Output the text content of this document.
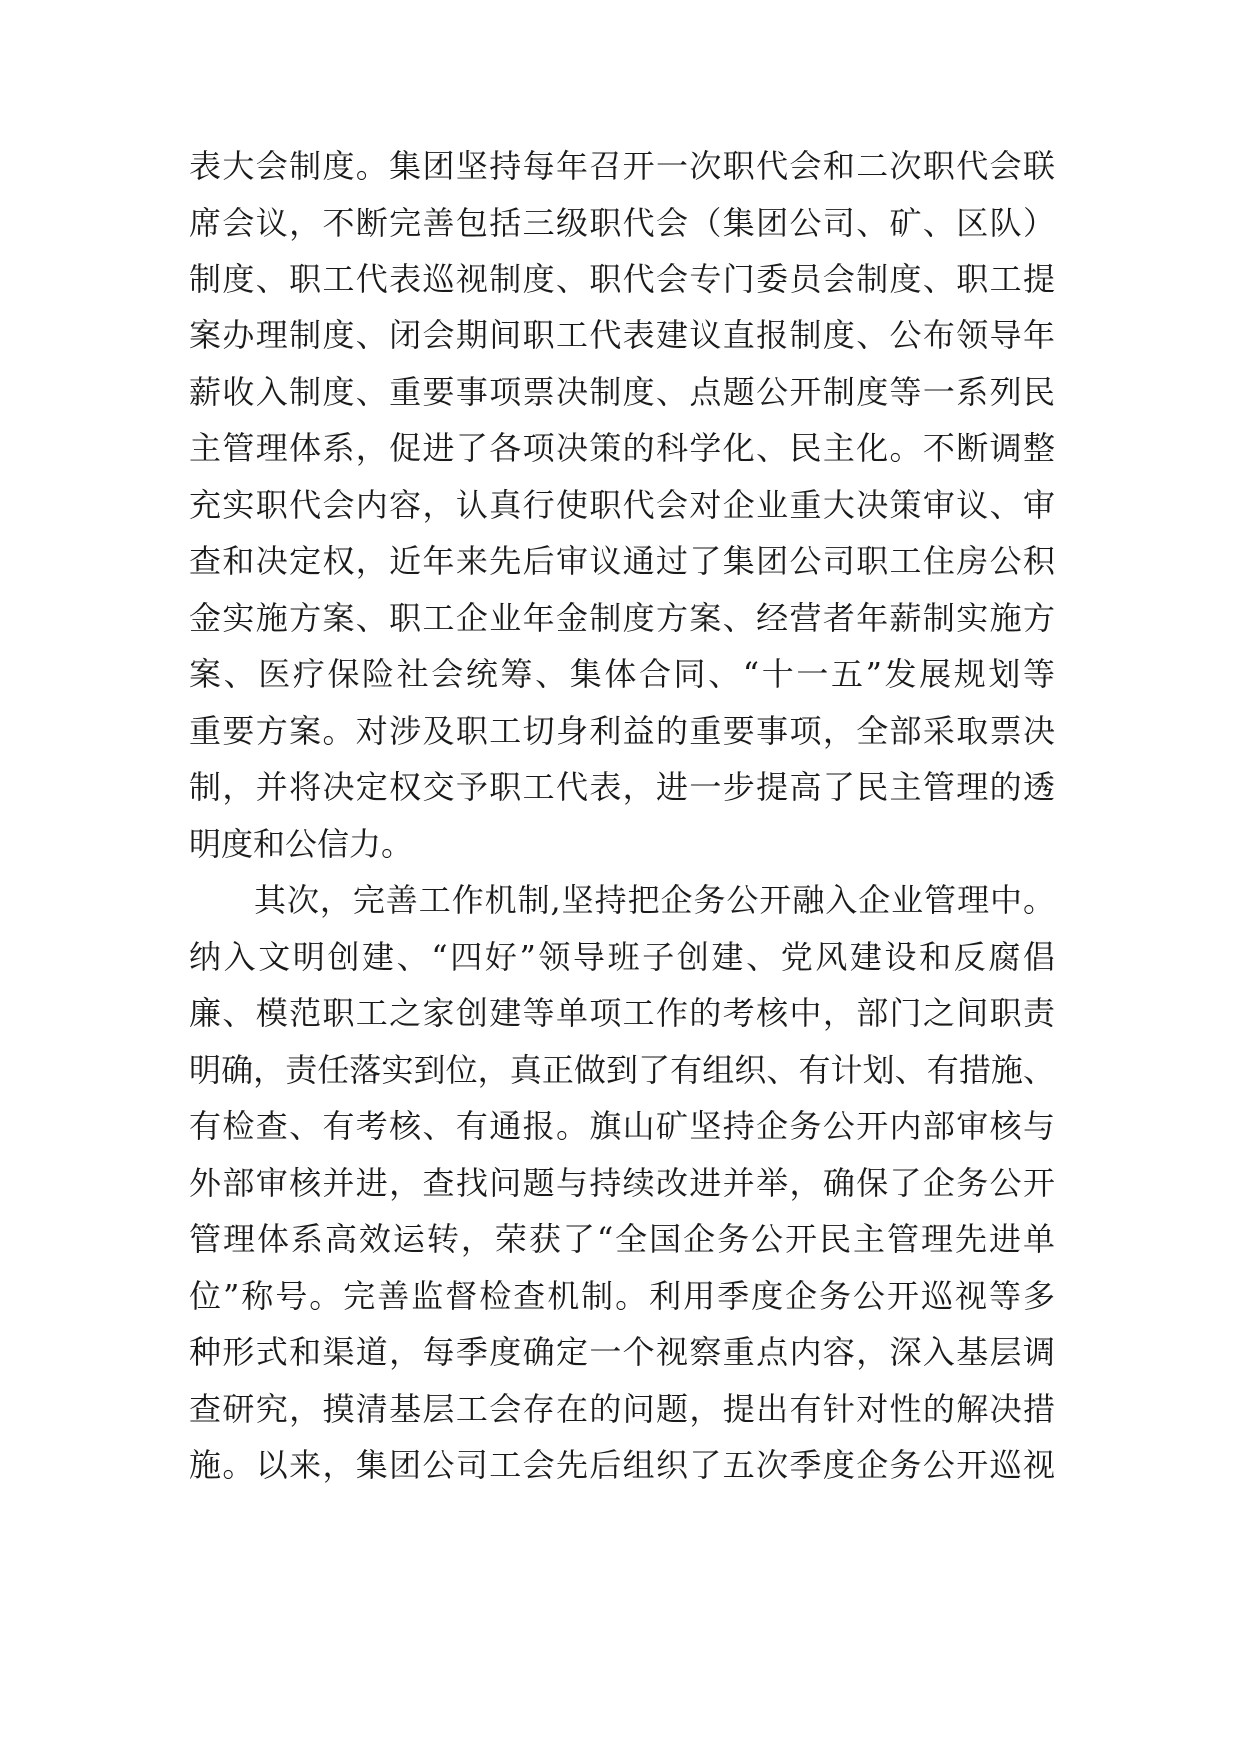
表大会制度。集团坚持每年召开一次职代会和二次职代会联
席会议，不断完善包括三级职代会（集团公司、矿、区队）
制度、职工代表巡视制度、职代会专门委员会制度、职工提
案办理制度、闭会期间职工代表建议直报制度、公布领导年
薪收入制度、重要事项票决制度、点题公开制度等一系列民
主管理体系，促进了各项决策的科学化、民主化。不断调整
充实职代会内容，认真行使职代会对企业重大决策审议、审
查和决定权，近年来先后审议通过了集团公司职工住房公积
金实施方案、职工企业年金制度方案、经营者年薪制实施方
案、医疗保险社会统筹、集体合同、“十一五”发展规划等
重要方案。对涉及职工切身利益的重要事项，全部采取票决
制，并将决定权交予职工代表，进一步提高了民主管理的透
明度和公信力。
其次，完善工作机制,坚持把企务公开融入企业管理中。
纳入文明创建、“四好”领导班子创建、党风建设和反腐倡
廉、模范职工之家创建等单项工作的考核中，部门之间职责
明确，责任落实到位，真正做到了有组织、有计划、有措施、
有检查、有考核、有通报。旗山矿坚持企务公开内部审核与
外部审核并进，查找问题与持续改进并举，确保了企务公开
管理体系高效运转，荣获了“全国企务公开民主管理先进单
位”称号。完善监督检查机制。利用季度企务公开巡视等多
种形式和渠道，每季度确定一个视察重点内容，深入基层调
查研究，摸清基层工会存在的问题，提出有针对性的解决措
施。以来，集团公司工会先后组织了五次季度企务公开巡视
